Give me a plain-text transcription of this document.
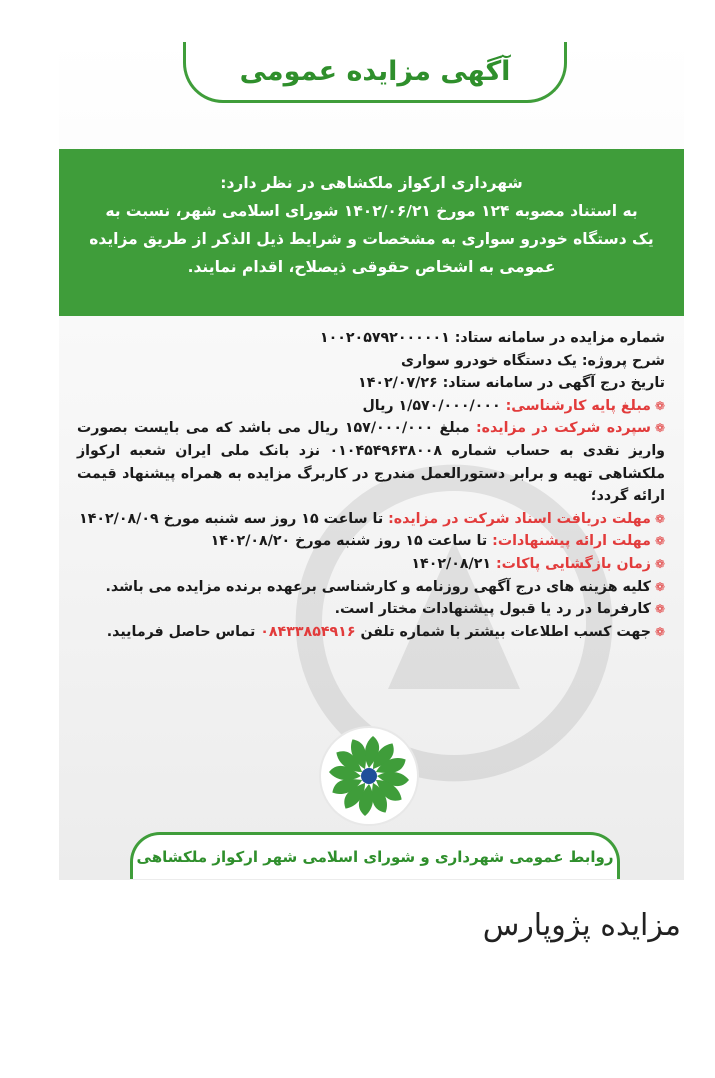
آگهی مزایده عمومی

شهرداری ارکواز ملکشاهی در نظر دارد:

به استناد مصوبه ۱۲۴ مورخ ۱۴۰۲/۰۶/۲۱ شورای اسلامی شهر، نسبت به

یک دستگاه خودرو سواری به مشخصات و شرایط ذیل الذکر از طریق مزایده

عمومی به اشخاص حقوقی ذیصلاح، اقدام نمایند.

شماره مزایده در سامانه ستاد: ۱۰۰۲۰۵۷۹۲۰۰۰۰۰۱

شرح پروژه: یک دستگاه خودرو سواری

تاریخ درج آگهی در سامانه ستاد: ۱۴۰۲/۰۷/۲۶

❁مبلغ پایه کارشناسی: ۱/۵۷۰/۰۰۰/۰۰۰ ریال

❁سپرده شرکت در مزایده: مبلغ ۱۵۷/۰۰۰/۰۰۰ ریال می باشد که می بایست بصورت واریز نقدی به حساب شماره ۰۱۰۴۵۴۹۶۳۸۰۰۸ نزد بانک ملی ایران شعبه ارکواز ملکشاهی تهیه و برابر دستورالعمل مندرج در کاربرگ مزایده به همراه پیشنهاد قیمت ارائه گردد؛

❁مهلت دریافت اسناد شرکت در مزایده: تا ساعت ۱۵ روز سه شنبه مورخ ۱۴۰۲/۰۸/۰۹

❁مهلت ارائه پیشنهادات: تا ساعت ۱۵ روز شنبه مورخ ۱۴۰۲/۰۸/۲۰

❁زمان بازگشایی پاکات: ۱۴۰۲/۰۸/۲۱

❁کلیه هزینه های درج آگهی روزنامه و کارشناسی برعهده برنده مزایده می باشد.

❁کارفرما در رد یا قبول پیشنهادات مختار است.

❁جهت کسب اطلاعات بیشتر با شماره تلفن ۰۸۴۳۳۸۵۴۹۱۶ تماس حاصل فرمایید.

روابط عمومی شهرداری و شورای اسلامی شهر ارکواز ملکشاهی
مزایده پژوپارس
